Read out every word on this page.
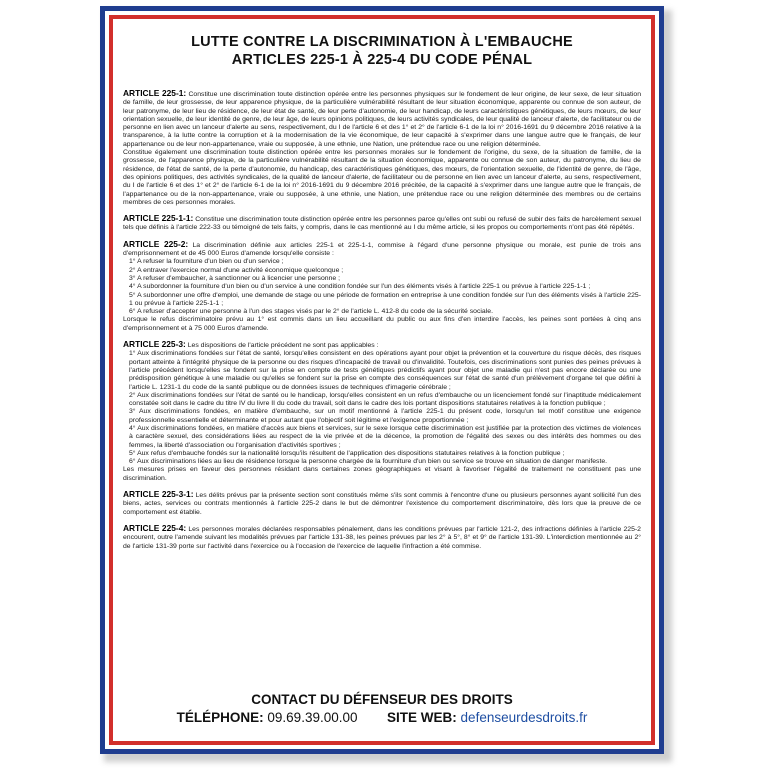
LUTTE CONTRE LA DISCRIMINATION À L'EMBAUCHE
ARTICLES 225-1 À 225-4 DU CODE PÉNAL

ARTICLE 225-1: Constitue une discrimination toute distinction opérée entre les personnes physiques sur le fondement de leur origine, de leur sexe, de leur situation de famille, de leur grossesse, de leur apparence physique, de la particulière vulnérabilité résultant de leur situation économique, apparente ou connue de son auteur, de leur patronyme, de leur lieu de résidence, de leur état de santé, de leur perte d'autonomie, de leur handicap, de leurs caractéristiques génétiques, de leurs mœurs, de leur orientation sexuelle, de leur identité de genre, de leur âge, de leurs opinions politiques, de leurs activités syndicales, de leur qualité de lanceur d'alerte, de facilitateur ou de personne en lien avec un lanceur d'alerte au sens, respectivement, du I de l'article 6 et des 1° et 2° de l'article 6-1 de la loi n° 2016-1691 du 9 décembre 2016 relative à la transparence, à la lutte contre la corruption et à la modernisation de la vie économique, de leur capacité à s'exprimer dans une langue autre que le français, de leur appartenance ou de leur non-appartenance, vraie ou supposée, à une ethnie, une Nation, une prétendue race ou une religion déterminée.

Constitue également une discrimination toute distinction opérée entre les personnes morales sur le fondement de l'origine, du sexe, de la situation de famille, de la grossesse, de l'apparence physique, de la particulière vulnérabilité résultant de la situation économique, apparente ou connue de son auteur, du patronyme, du lieu de résidence, de l'état de santé, de la perte d'autonomie, du handicap, des caractéristiques génétiques, des mœurs, de l'orientation sexuelle, de l'identité de genre, de l'âge, des opinions politiques, des activités syndicales, de la qualité de lanceur d'alerte, de facilitateur ou de personne en lien avec un lanceur d'alerte, au sens, respectivement, du I de l'article 6 et des 1° et 2° de l'article 6-1 de la loi n° 2016-1691 du 9 décembre 2016 précitée, de la capacité à s'exprimer dans une langue autre que le français, de l'appartenance ou de la non-appartenance, vraie ou supposée, à une ethnie, une Nation, une prétendue race ou une religion déterminée des membres ou de certains membres de ces personnes morales.

ARTICLE 225-1-1: Constitue une discrimination toute distinction opérée entre les personnes parce qu'elles ont subi ou refusé de subir des faits de harcèlement sexuel tels que définis à l'article 222-33 ou témoigné de tels faits, y compris, dans le cas mentionné au I du même article, si les propos ou comportements n'ont pas été répétés.

ARTICLE 225-2: La discrimination définie aux articles 225-1 et 225-1-1, commise à l'égard d'une personne physique ou morale, est punie de trois ans d'emprisonnement et de 45 000 Euros d'amende lorsqu'elle consiste :

1° A refuser la fourniture d'un bien ou d'un service ;

2° A entraver l'exercice normal d'une activité économique quelconque ;

3° A refuser d'embaucher, à sanctionner ou à licencier une personne ;

4° A subordonner la fourniture d'un bien ou d'un service à une condition fondée sur l'un des éléments visés à l'article 225-1 ou prévue à l'article 225-1-1 ;

5° A subordonner une offre d'emploi, une demande de stage ou une période de formation en entreprise à une condition fondée sur l'un des éléments visés à l'article 225-1 ou prévue à l'article 225-1-1 ;

6° A refuser d'accepter une personne à l'un des stages visés par le 2° de l'article L. 412-8 du code de la sécurité sociale.

Lorsque le refus discriminatoire prévu au 1° est commis dans un lieu accueillant du public ou aux fins d'en interdire l'accès, les peines sont portées à cinq ans d'emprisonnement et à 75 000 Euros d'amende.

ARTICLE 225-3: Les dispositions de l'article précédent ne sont pas applicables :

1° Aux discriminations fondées sur l'état de santé, lorsqu'elles consistent en des opérations ayant pour objet la prévention et la couverture du risque décès, des risques portant atteinte à l'intégrité physique de la personne ou des risques d'incapacité de travail ou d'invalidité. Toutefois, ces discriminations sont punies des peines prévues à l'article précédent lorsqu'elles se fondent sur la prise en compte de tests génétiques prédictifs ayant pour objet une maladie qui n'est pas encore déclarée ou une prédisposition génétique à une maladie ou qu'elles se fondent sur la prise en compte des conséquences sur l'état de santé d'un prélèvement d'organe tel que défini à l'article L. 1231-1 du code de la santé publique ou de données issues de techniques d'imagerie cérébrale ;

2° Aux discriminations fondées sur l'état de santé ou le handicap, lorsqu'elles consistent en un refus d'embauche ou un licenciement fondé sur l'inaptitude médicalement constatée soit dans le cadre du titre IV du livre II du code du travail, soit dans le cadre des lois portant dispositions statutaires relatives à la fonction publique ;

3° Aux discriminations fondées, en matière d'embauche, sur un motif mentionné à l'article 225-1 du présent code, lorsqu'un tel motif constitue une exigence professionnelle essentielle et déterminante et pour autant que l'objectif soit légitime et l'exigence proportionnée ;

4° Aux discriminations fondées, en matière d'accès aux biens et services, sur le sexe lorsque cette discrimination est justifiée par la protection des victimes de violences à caractère sexuel, des considérations liées au respect de la vie privée et de la décence, la promotion de l'égalité des sexes ou des intérêts des hommes ou des femmes, la liberté d'association ou l'organisation d'activités sportives ;

5° Aux refus d'embauche fondés sur la nationalité lorsqu'ils résultent de l'application des dispositions statutaires relatives à la fonction publique ;

6° Aux discriminations liées au lieu de résidence lorsque la personne chargée de la fourniture d'un bien ou service se trouve en situation de danger manifeste.

Les mesures prises en faveur des personnes résidant dans certaines zones géographiques et visant à favoriser l'égalité de traitement ne constituent pas une discrimination.

ARTICLE 225-3-1: Les délits prévus par la présente section sont constitués même s'ils sont commis à l'encontre d'une ou plusieurs personnes ayant sollicité l'un des biens, actes, services ou contrats mentionnés à l'article 225-2 dans le but de démontrer l'existence du comportement discriminatoire, dès lors que la preuve de ce comportement est établie.

ARTICLE 225-4: Les personnes morales déclarées responsables pénalement, dans les conditions prévues par l'article 121-2, des infractions définies à l'article 225-2 encourent, outre l'amende suivant les modalités prévues par l'article 131-38, les peines prévues par les 2° à 5°, 8° et 9° de l'article 131-39. L'interdiction mentionnée au 2° de l'article 131-39 porte sur l'activité dans l'exercice ou à l'occasion de l'exercice de laquelle l'infraction a été commise.

CONTACT DU DÉFENSEUR DES DROITS
TÉLÉPHONE: 09.69.39.00.00 SITE WEB: defenseurdesdroits.fr
